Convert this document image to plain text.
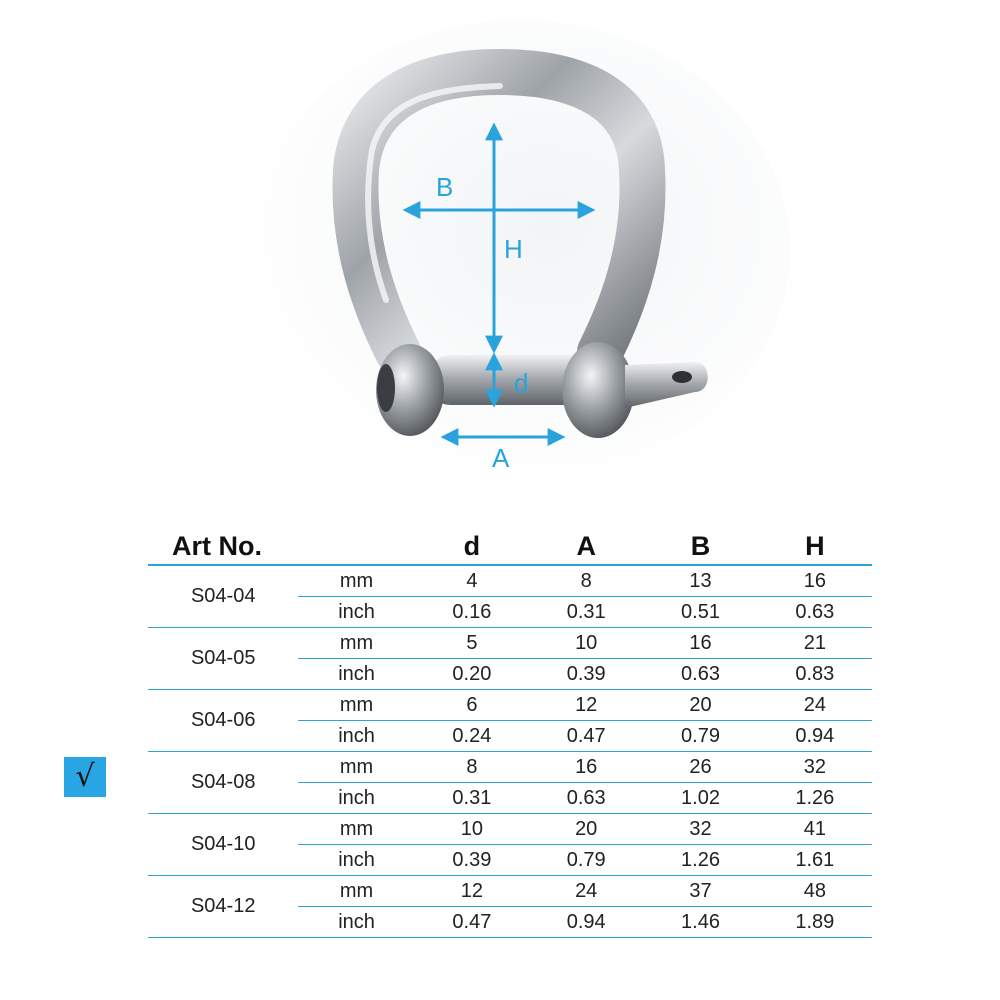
B
H
d
A
Art No.		d	A	B	H
S04-04	mm	4	8	13	16
	inch	0.16	0.31	0.51	0.63
S04-05	mm	5	10	16	21
	inch	0.20	0.39	0.63	0.83
S04-06	mm	6	12	20	24
	inch	0.24	0.47	0.79	0.94
S04-08	mm	8	16	26	32
	inch	0.31	0.63	1.02	1.26
S04-10	mm	10	20	32	41
	inch	0.39	0.79	1.26	1.61
S04-12	mm	12	24	37	48
	inch	0.47	0.94	1.46	1.89
√
